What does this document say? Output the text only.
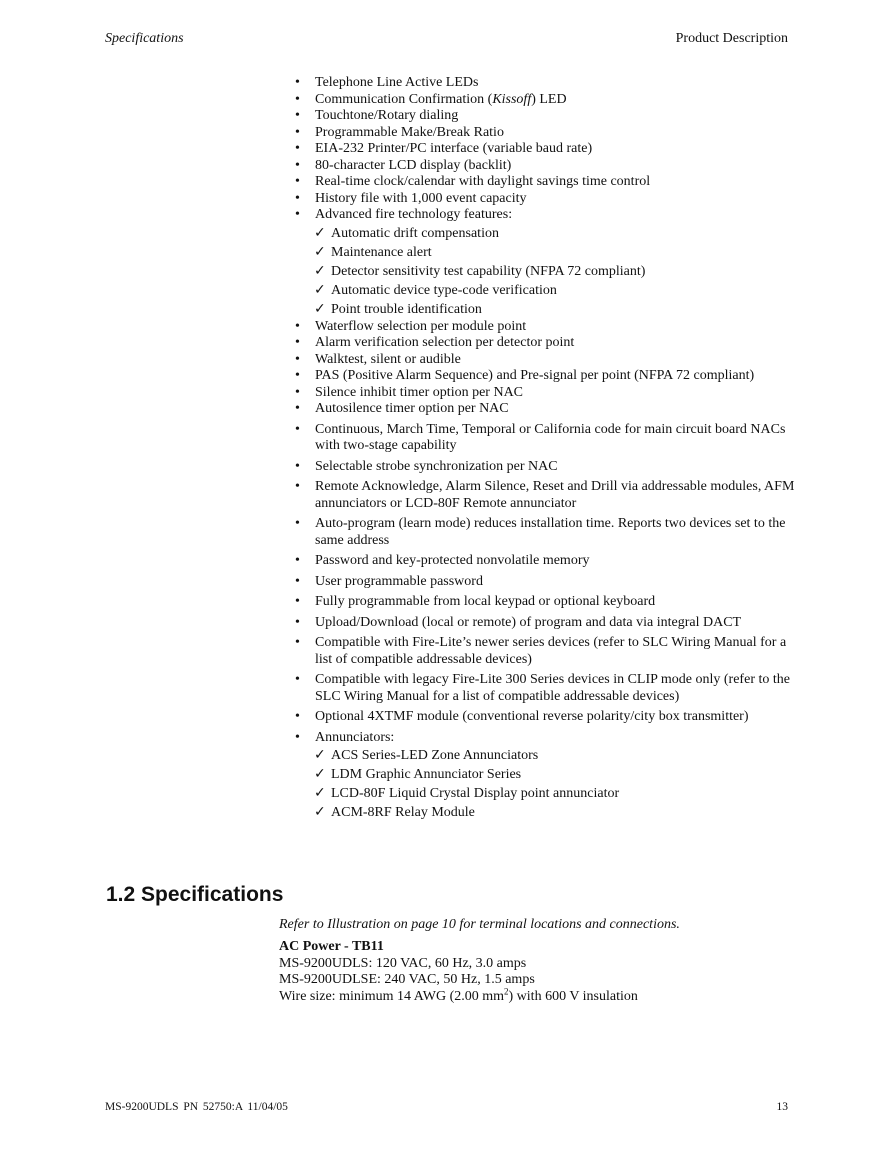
Specifications	Product Description
• Telephone Line Active LEDs
• Communication Confirmation (Kissoff) LED
• Touchtone/Rotary dialing
• Programmable Make/Break Ratio
• EIA-232 Printer/PC interface (variable baud rate)
• 80-character LCD display (backlit)
• Real-time clock/calendar with daylight savings time control
• History file with 1,000 event capacity
• Advanced fire technology features:
✓ Automatic drift compensation
✓ Maintenance alert
✓ Detector sensitivity test capability (NFPA 72 compliant)
✓ Automatic device type-code verification
✓ Point trouble identification
• Waterflow selection per module point
• Alarm verification selection per detector point
• Walktest, silent or audible
• PAS (Positive Alarm Sequence) and Pre-signal per point (NFPA 72 compliant)
• Silence inhibit timer option per NAC
• Autosilence timer option per NAC
• Continuous, March Time, Temporal or California code for main circuit board NACs with two-stage capability
• Selectable strobe synchronization per NAC
• Remote Acknowledge, Alarm Silence, Reset and Drill via addressable modules, AFM annunciators or LCD-80F Remote annunciator
• Auto-program (learn mode) reduces installation time. Reports two devices set to the same address
• Password and key-protected nonvolatile memory
• User programmable password
• Fully programmable from local keypad or optional keyboard
• Upload/Download (local or remote) of program and data via integral DACT
• Compatible with Fire-Lite’s newer series devices (refer to SLC Wiring Manual for a list of compatible addressable devices)
• Compatible with legacy Fire-Lite 300 Series devices in CLIP mode only (refer to the SLC Wiring Manual for a list of compatible addressable devices)
• Optional 4XTMF module (conventional reverse polarity/city box transmitter)
• Annunciators:
✓ ACS Series-LED Zone Annunciators
✓ LDM Graphic Annunciator Series
✓ LCD-80F Liquid Crystal Display point annunciator
✓ ACM-8RF Relay Module
1.2 Specifications
Refer to Illustration on page 10 for terminal locations and connections.
AC Power - TB11
MS-9200UDLS: 120 VAC, 60 Hz, 3.0 amps
MS-9200UDLSE: 240 VAC, 50 Hz, 1.5 amps
Wire size: minimum 14 AWG (2.00 $mm^2$) with 600 V insulation
MS-9200UDLS PN 52750:A 11/04/05	13
